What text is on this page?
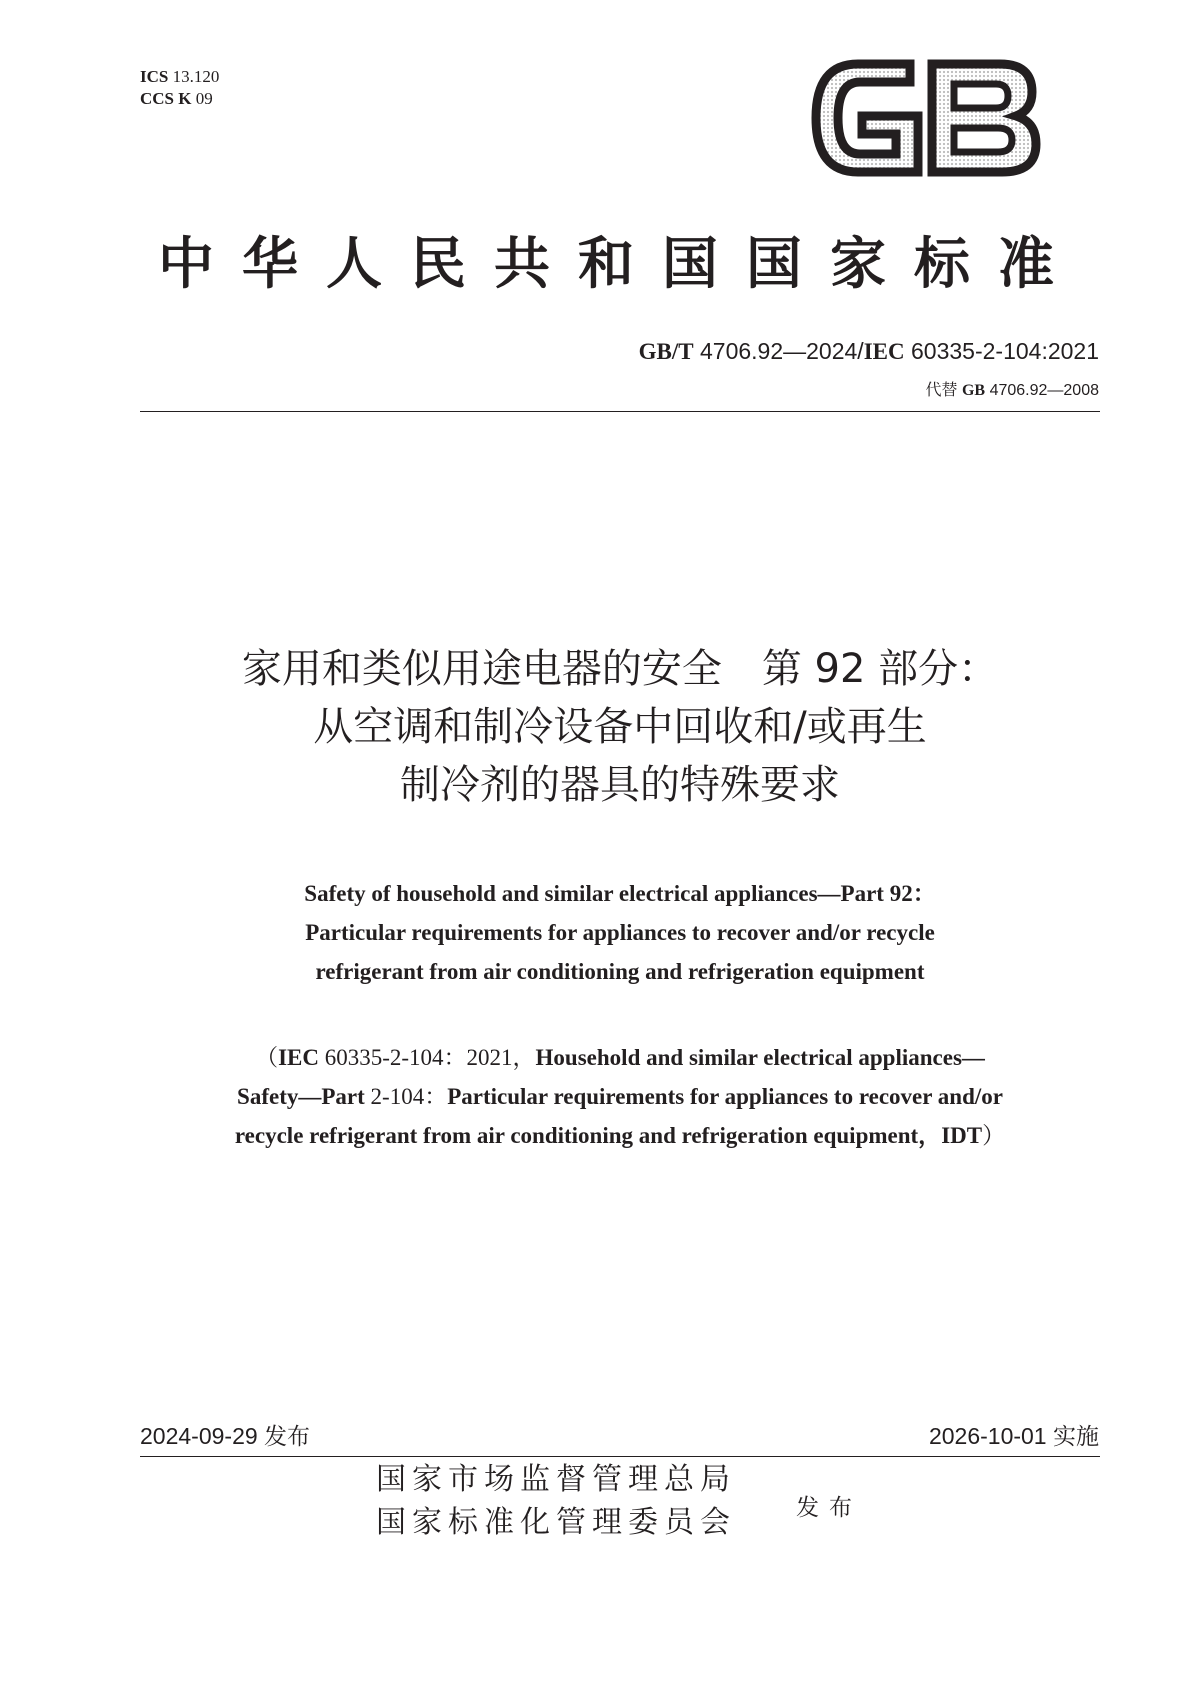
ICS 13.120
CCS K 09
中华人民共和国国家标准
GB/T 4706.92—2024/IEC 60335-2-104:2021
代替 GB 4706.92—2008
家用和类似用途电器的安全　第 92 部分：
从空调和制冷设备中回收和/或再生
制冷剂的器具的特殊要求
Safety of household and similar electrical appliances—Part 92：
Particular requirements for appliances to recover and/or recycle
refrigerant from air conditioning and refrigeration equipment
（IEC 60335-2-104：2021，Household and similar electrical appliances—
Safety—Part 2-104：Particular requirements for appliances to recover and/or
recycle refrigerant from air conditioning and refrigeration equipment，IDT）
2024-09-29 发布	2026-10-01 实施
国家市场监督管理总局
国家标准化管理委员会	发布
